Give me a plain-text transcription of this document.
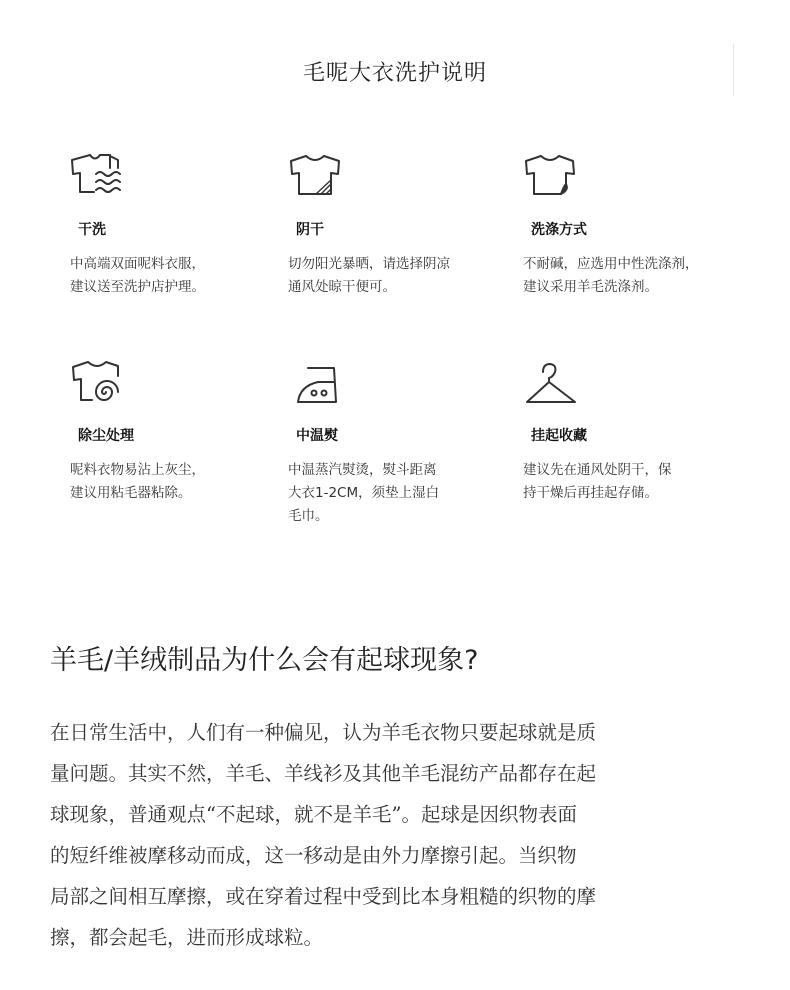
毛呢大衣洗护说明
干洗
中高端双面呢料衣服，
建议送至洗护店护理。
阴干
切勿阳光暴晒，请选择阴凉
通风处晾干便可。
洗涤方式
不耐碱，应选用中性洗涤剂，
建议采用羊毛洗涤剂。
除尘处理
呢料衣物易沾上灰尘，
建议用粘毛器粘除。
中温熨
中温蒸汽熨烫，熨斗距离
大衣1-2CM，须垫上湿白
毛巾。
挂起收藏
建议先在通风处阴干，保
持干燥后再挂起存储。
羊毛/羊绒制品为什么会有起球现象?
在日常生活中，人们有一种偏见，认为羊毛衣物只要起球就是质
量问题。其实不然，羊毛、羊线衫及其他羊毛混纺产品都存在起
球现象，普通观点“不起球，就不是羊毛”。起球是因织物表面
的短纤维被摩移动而成，这一移动是由外力摩擦引起。当织物
局部之间相互摩擦，或在穿着过程中受到比本身粗糙的织物的摩
擦，都会起毛，进而形成球粒。
